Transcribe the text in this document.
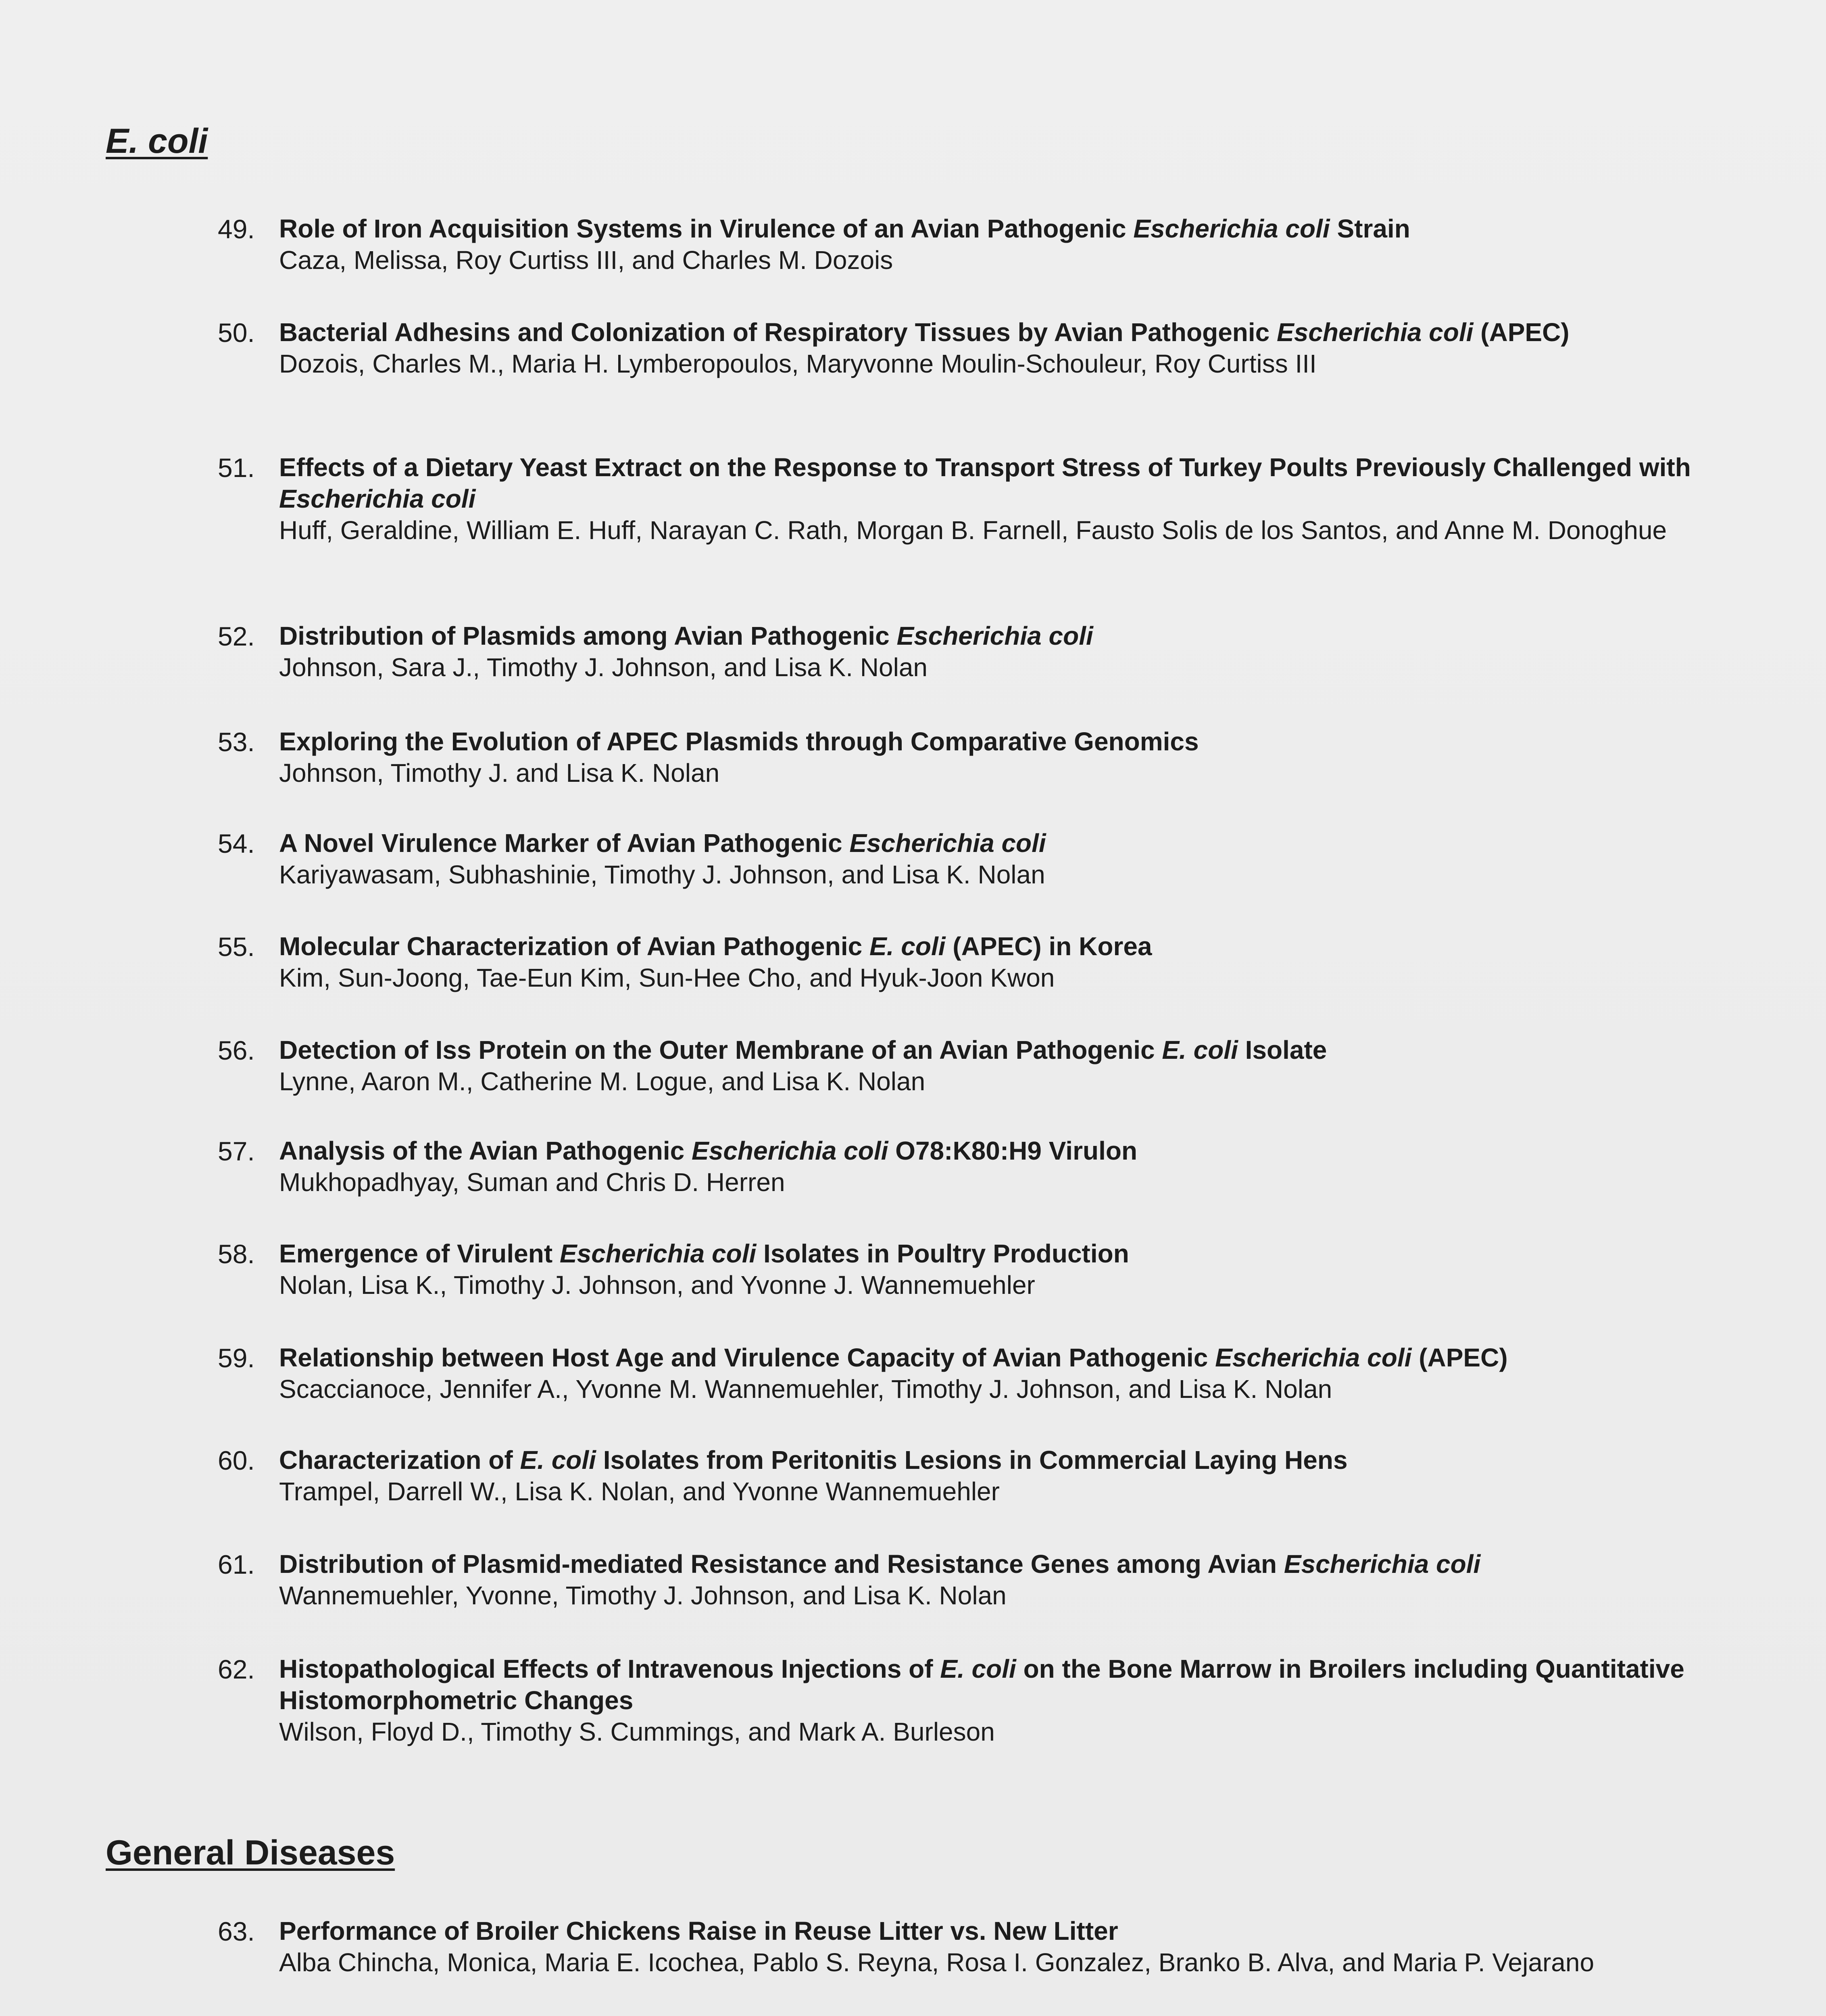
E. coli
49. Role of Iron Acquisition Systems in Virulence of an Avian Pathogenic Escherichia coli Strain
Caza, Melissa, Roy Curtiss III, and Charles M. Dozois
50. Bacterial Adhesins and Colonization of Respiratory Tissues by Avian Pathogenic Escherichia coli (APEC)
Dozois, Charles M., Maria H. Lymberopoulos, Maryvonne Moulin-Schouleur, Roy Curtiss III
51. Effects of a Dietary Yeast Extract on the Response to Transport Stress of Turkey Poults Previously Challenged with Escherichia coli
Huff, Geraldine, William E. Huff, Narayan C. Rath, Morgan B. Farnell, Fausto Solis de los Santos, and Anne M. Donoghue
52. Distribution of Plasmids among Avian Pathogenic Escherichia coli
Johnson, Sara J., Timothy J. Johnson, and Lisa K. Nolan
53. Exploring the Evolution of APEC Plasmids through Comparative Genomics
Johnson, Timothy J. and Lisa K. Nolan
54. A Novel Virulence Marker of Avian Pathogenic Escherichia coli
Kariyawasam, Subhashinie, Timothy J. Johnson, and Lisa K. Nolan
55. Molecular Characterization of Avian Pathogenic E. coli (APEC) in Korea
Kim, Sun-Joong, Tae-Eun Kim, Sun-Hee Cho, and Hyuk-Joon Kwon
56. Detection of Iss Protein on the Outer Membrane of an Avian Pathogenic E. coli Isolate
Lynne, Aaron M., Catherine M. Logue, and Lisa K. Nolan
57. Analysis of the Avian Pathogenic Escherichia coli O78:K80:H9 Virulon
Mukhopadhyay, Suman and Chris D. Herren
58. Emergence of Virulent Escherichia coli Isolates in Poultry Production
Nolan, Lisa K., Timothy J. Johnson, and Yvonne J. Wannemuehler
59. Relationship between Host Age and Virulence Capacity of Avian Pathogenic Escherichia coli (APEC)
Scaccianoce, Jennifer A., Yvonne M. Wannemuehler, Timothy J. Johnson, and Lisa K. Nolan
60. Characterization of E. coli Isolates from Peritonitis Lesions in Commercial Laying Hens
Trampel, Darrell W., Lisa K. Nolan, and Yvonne Wannemuehler
61. Distribution of Plasmid-mediated Resistance and Resistance Genes among Avian Escherichia coli
Wannemuehler, Yvonne, Timothy J. Johnson, and Lisa K. Nolan
62. Histopathological Effects of Intravenous Injections of E. coli on the Bone Marrow in Broilers including Quantitative Histomorphometric Changes
Wilson, Floyd D., Timothy S. Cummings, and Mark A. Burleson
General Diseases
63. Performance of Broiler Chickens Raise in Reuse Litter vs. New Litter
Alba Chincha, Monica, Maria E. Icochea, Pablo S. Reyna, Rosa I. Gonzalez, Branko B. Alva, and Maria P. Vejarano
